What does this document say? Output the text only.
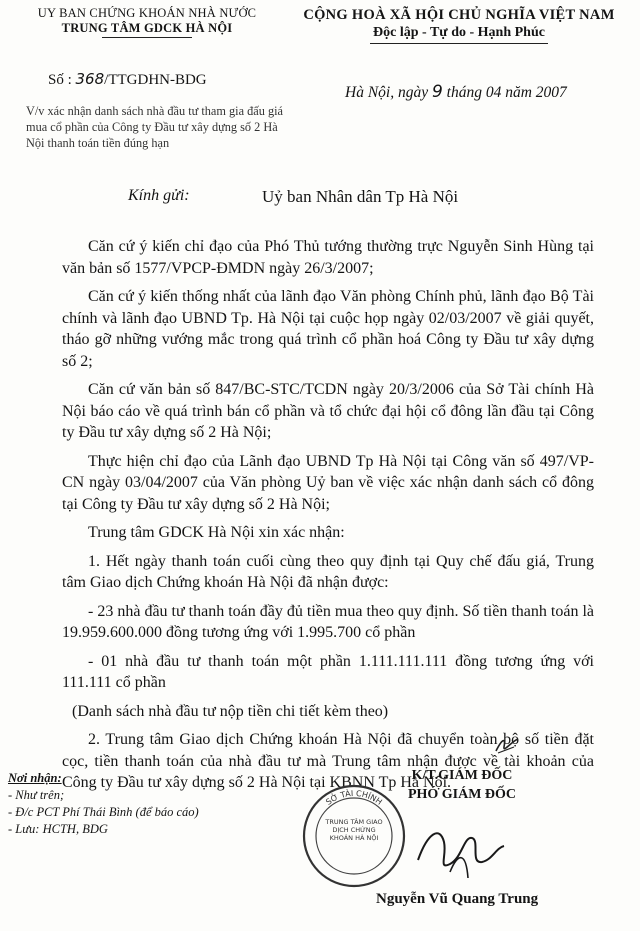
UY BAN CHỨNG KHOÁN NHÀ NƯỚC
TRUNG TÂM GDCK HÀ NỘI
CỘNG HOÀ XÃ HỘI CHỦ NGHĨA VIỆT NAM
Độc lập - Tự do - Hạnh Phúc
Số : 368/TTGDHN-BDG
Hà Nội, ngày 9 tháng 04 năm 2007
V/v xác nhận danh sách nhà đầu tư tham gia đấu giá mua cổ phần của Công ty Đầu tư xây dựng số 2 Hà Nội thanh toán tiền đúng hạn
Kính gửi:	Uỷ ban Nhân dân Tp Hà Nội

Căn cứ ý kiến chỉ đạo của Phó Thủ tướng thường trực Nguyễn Sinh Hùng tại văn bản số 1577/VPCP-ĐMDN ngày 26/3/2007;

Căn cứ ý kiến thống nhất của lãnh đạo Văn phòng Chính phủ, lãnh đạo Bộ Tài chính và lãnh đạo UBND Tp. Hà Nội tại cuộc họp ngày 02/03/2007 về giải quyết, tháo gỡ những vướng mắc trong quá trình cổ phần hoá Công ty Đầu tư xây dựng số 2;

Căn cứ văn bản số 847/BC-STC/TCDN ngày 20/3/2006 của Sở Tài chính Hà Nội báo cáo về quá trình bán cổ phần và tổ chức đại hội cổ đông lần đầu tại Công ty Đầu tư xây dựng số 2 Hà Nội;

Thực hiện chỉ đạo của Lãnh đạo UBND Tp Hà Nội tại Công văn số 497/VP-CN ngày 03/04/2007 của Văn phòng Uỷ ban về việc xác nhận danh sách cổ đông tại Công ty Đầu tư xây dựng số 2 Hà Nội;

Trung tâm GDCK Hà Nội xin xác nhận:

1. Hết ngày thanh toán cuối cùng theo quy định tại Quy chế đấu giá, Trung tâm Giao dịch Chứng khoán Hà Nội đã nhận được:

- 23 nhà đầu tư thanh toán đầy đủ tiền mua theo quy định. Số tiền thanh toán là 19.959.600.000 đồng tương ứng với 1.995.700 cổ phần

- 01 nhà đầu tư thanh toán một phần 1.111.111.111 đồng tương ứng với 111.111 cổ phần

(Danh sách nhà đầu tư nộp tiền chi tiết kèm theo)

2. Trung tâm Giao dịch Chứng khoán Hà Nội đã chuyển toàn bộ số tiền đặt cọc, tiền thanh toán của nhà đầu tư mà Trung tâm nhận được về tài khoản của Công ty Đầu tư xây dựng số 2 Hà Nội tại KBNN Tp Hà Nội.

K/T.GIÁM ĐỐC
PHÓ GIÁM ĐỐC
SỞ TÀI CHÍNH
TRUNG TÂM GIAO DỊCH CHỨNG KHOÁN HÀ NỘI
Nguyễn Vũ Quang Trung
Nơi nhận:
- Như trên;
- Đ/c PCT Phí Thái Bình (để báo cáo)
- Lưu: HCTH, BDG
